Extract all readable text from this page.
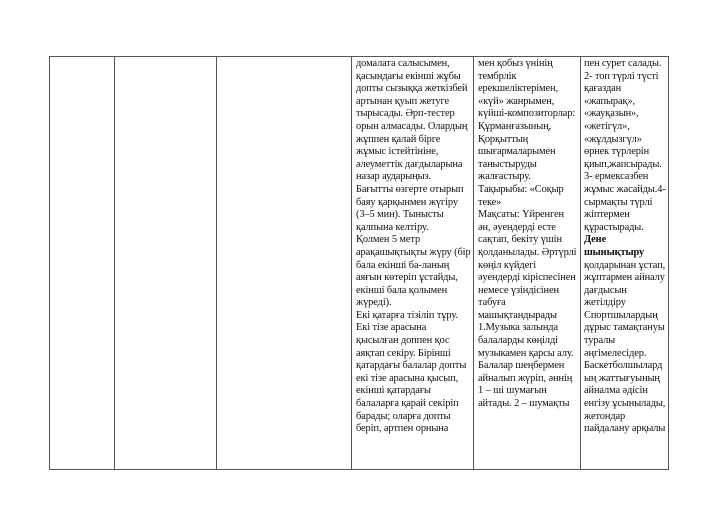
домалата салысымен, қасындағы екінші жұбы допты сызыққа жеткізбей артынан қуып жетуге тырысады. Әрп-тестер орын алмасады. Олардың жұппен қалай бірге жұмыс істейтініне, әлеуметтік дағдыларына назар аударыңыз.
Бағытты өзгерте отырып баяу қарқынмен жүгіру (3–5 мин). Тынысты қалпына келтіру.
Қолмен 5 метр арақашықтықты жүру (бір бала екінші ба-ланың аяғын көтеріп ұстайды, екінші бала қолымен жүреді).
Екі қатарға тізіліп тұру. Екі тізе арасына қысылған доппен қос аяқтап секіру. Бірінші қатардағы балалар допты екі тізе арасына қысып, екінші қатардағы балаларға қарай секіріп барады; оларға допты беріп, артпен орнына

мен қобыз үнінің тембрлік ерекшеліктерімен, «күй» жанрымен, күйші-композиторлар: Құрманғазының, Қорқыттың шығармаларымен таныстыруды жалғастыру.
Тақырыбы: «Соқыр теке»
Мақсаты: Үйренген ән, әуендерді есте сақтап, бекіту үшін қолданылады. Әртүрлі көңіл күйдегі әуендерді кіріспесінен немесе үзіндісінен табуға машықтандырады
1.Музыка залында балаларды көңілді музыкамен қарсы алу.
Балалар шеңбермен айналып жүріп, әннің 1 – ші шумағын айтады. 2 – шумақты

пен сурет салады.
2- топ түрлі түсті қағаздан «жапырақ», «жауқазын», «жетігүл», «жұлдызгүл» өрнек түрлерін қиып,жапсырады.
3- ермексазбен жұмыс жасайды.4-сырмақты түрлі жіптермен құрастырады.
Дене шынықтыру
қолдарынан ұстап, жұптармен айналу дағдысын жетілдіру
Спортшылардың дұрыс тамақтануы туралы әңгімелесідер. Баскетболшылард ың жаттығуының айналма әдісін енгізу ұсынылады, жетондар пайдалану арқылы
